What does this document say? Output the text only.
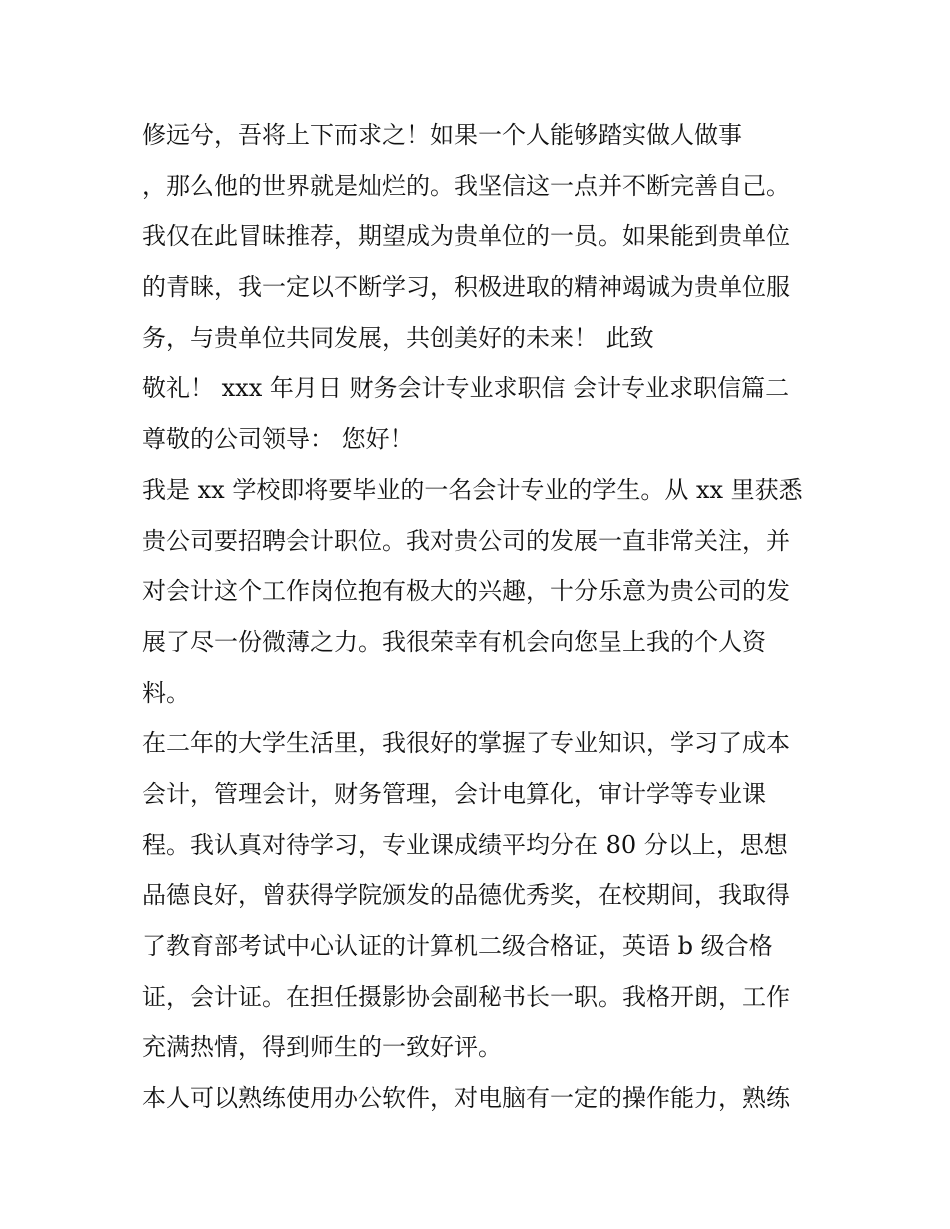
修远兮，吾将上下而求之！如果一个人能够踏实做人做事
，那么他的世界就是灿烂的。我坚信这一点并不断完善自己。
我仅在此冒昧推荐，期望成为贵单位的一员。如果能到贵单位
的青睐，我一定以不断学习，积极进取的精神竭诚为贵单位服
务，与贵单位共同发展，共创美好的未来！ 此致
敬礼！ xxx 年月日 财务会计专业求职信 会计专业求职信篇二
尊敬的公司领导： 您好！
我是 xx 学校即将要毕业的一名会计专业的学生。从 xx 里获悉
贵公司要招聘会计职位。我对贵公司的发展一直非常关注，并
对会计这个工作岗位抱有极大的兴趣，十分乐意为贵公司的发
展了尽一份微薄之力。我很荣幸有机会向您呈上我的个人资
料。
在二年的大学生活里，我很好的掌握了专业知识，学习了成本
会计，管理会计，财务管理，会计电算化，审计学等专业课
程。我认真对待学习，专业课成绩平均分在 80 分以上，思想
品德良好，曾获得学院颁发的品德优秀奖，在校期间，我取得
了教育部考试中心认证的计算机二级合格证，英语 b 级合格
证，会计证。在担任摄影协会副秘书长一职。我格开朗，工作
充满热情，得到师生的一致好评。
本人可以熟练使用办公软件，对电脑有一定的操作能力，熟练
